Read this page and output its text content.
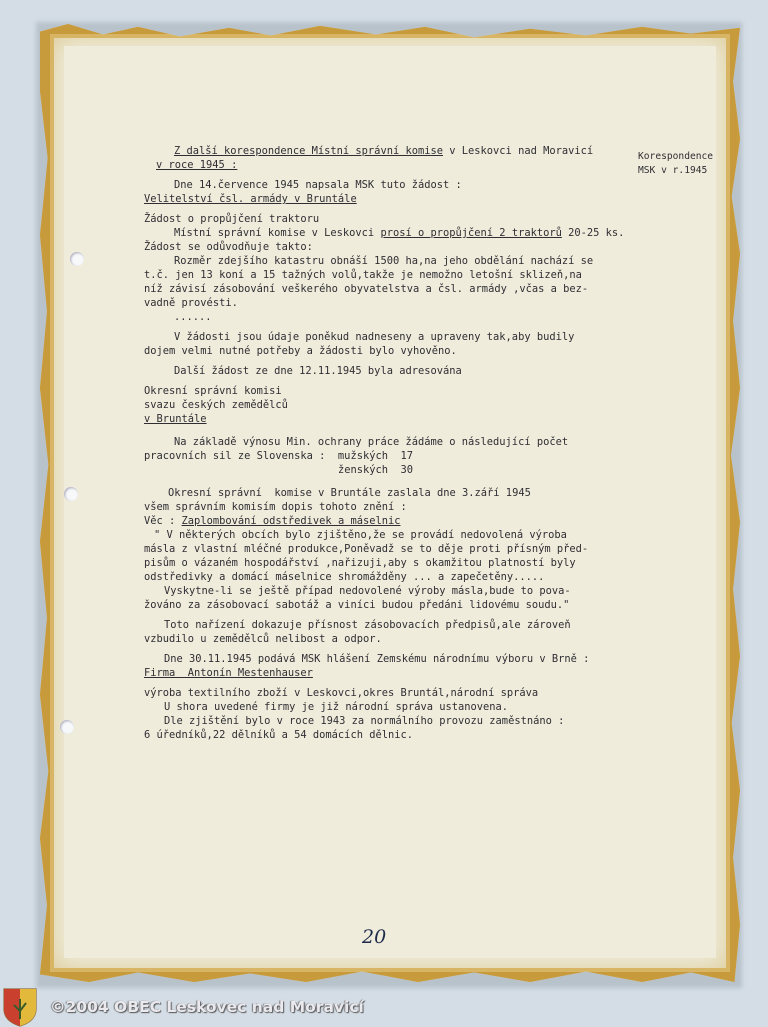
Korespondence
MSK v r.1945

Z další korespondence Místní správní komise v Leskovci nad Moravicí

v roce 1945 :

Dne 14.července 1945 napsala MSK tuto žádost :

Velitelství čsl. armády v Bruntále

Žádost o propůjčení traktoru

Místní správní komise v Leskovci prosí o propůjčení 2 traktorů 20-25 ks.

Žádost se odůvodňuje takto:

Rozměr zdejšího katastru obnáší 1500 ha,na jeho obdělání nachází se

t.č. jen 13 koní a 15 tažných volů,takže je nemožno letošní sklizeň,na

níž závisí zásobování veškerého obyvatelstva a čsl. armády ,včas a bez-

vadně provésti.

......

V žádosti jsou údaje poněkud nadneseny a upraveny tak,aby budily

dojem velmi nutné potřeby a žádosti bylo vyhověno.

Další žádost ze dne 12.11.1945 byla adresována

Okresní správní komisi

svazu českých zemědělců

v Bruntále

Na základě výnosu Min. ochrany práce žádáme o následující počet

pracovních sil ze Slovenska :  mužských  17

ženských  30

Okresní správní  komise v Bruntále zaslala dne 3.září 1945

všem správním komisím dopis tohoto znění :

Věc : Zaplombování odstředivek a máselnic

" V některých obcích bylo zjištěno,že se provádí nedovolená výroba

másla z vlastní mléčné produkce,Poněvadž se to děje proti přísným před-

pisům o vázaném hospodářství ,nařizuji,aby s okamžitou platností byly

odstředivky a domácí máselnice shromážděny ... a zapečetěny.....

Vyskytne-li se ještě případ nedovolené výroby másla,bude to pova-

žováno za zásobovací sabotáž a viníci budou předáni lidovému soudu."

Toto nařízení dokazuje přísnost zásobovacích předpisů,ale zároveň

vzbudilo u zemědělců nelibost a odpor.

Dne 30.11.1945 podává MSK hlášení Zemskému národnímu výboru v Brně :

Firma  Antonín Mestenhauser

výroba textilního zboží v Leskovci,okres Bruntál,národní správa

U shora uvedené firmy je již národní správa ustanovena.

Dle zjištění bylo v roce 1943 za normálního provozu zaměstnáno :

6 úředníků,22 dělníků a 54 domácích dělnic.

20
©2004 OBEC Leskovec nad Moravicí
